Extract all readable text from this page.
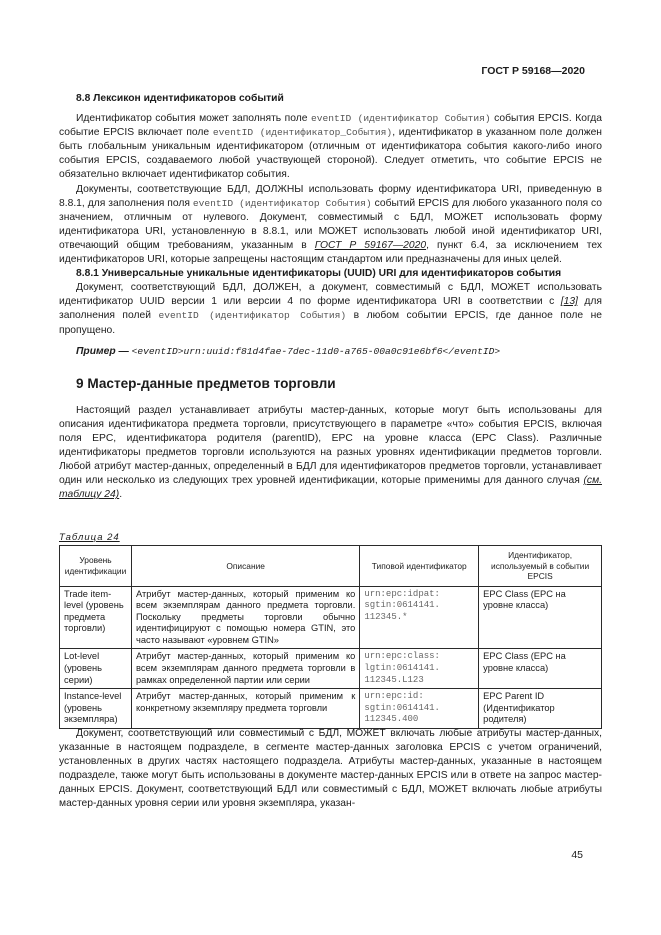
ГОСТ Р 59168—2020

8.8 Лексикон идентификаторов событий

Идентификатор события может заполнять поле eventID (идентификатор События) события EPCIS. Когда событие EPCIS включает поле eventID (идентификатор_События), идентификатор в указанном поле должен быть глобальным уникальным идентификатором (отличным от идентификатора события какого-либо иного события EPCIS, создаваемого любой участвующей стороной). Следует отметить, что событие EPCIS не обязательно включает идентификатор события.

Документы, соответствующие БДЛ, ДОЛЖНЫ использовать форму идентификатора URI, приведенную в 8.8.1, для заполнения поля eventID (идентификатор События) событий EPCIS для любого указанного поля со значением, отличным от нулевого. Документ, совместимый с БДЛ, МОЖЕТ использовать форму идентификатора URI, установленную в 8.8.1, или МОЖЕТ использовать любой иной идентификатор URI, отвечающий общим требованиям, указанным в ГОСТ Р 59167—2020, пункт 6.4, за исключением тех идентификаторов URI, которые запрещены настоящим стандартом или предназначены для иных целей.

8.8.1 Универсальные уникальные идентификаторы (UUID) URI для идентификаторов события

Документ, соответствующий БДЛ, ДОЛЖЕН, а документ, совместимый с БДЛ, МОЖЕТ использовать идентификатор UUID версии 1 или версии 4 по форме идентификатора URI в соответствии с [13] для заполнения полей eventID (идентификатор События) в любом событии EPCIS, где данное поле не пропущено.

Пример — <eventID>urn:uuid:f81d4fae-7dec-11d0-a765-00a0c91e6bf6</eventID>

9 Мастер-данные предметов торговли

Настоящий раздел устанавливает атрибуты мастер-данных, которые могут быть использованы для описания идентификатора предмета торговли, присутствующего в параметре «что» события EPCIS, включая поля EPC, идентификатора родителя (parentID), EPC на уровне класса (EPC Class). Различные идентификаторы предметов торговли используются на разных уровнях идентификации предметов торговли. Любой атрибут мастер-данных, определенный в БДЛ для идентификаторов предметов торговли, устанавливает один или несколько из следующих трех уровней идентификации, которые применимы для данного случая (см. таблицу 24).

Таблица 24
Уровень идентификации	Описание	Типовой идентификатор	Идентификатор, используемый в событии EPCIS
Trade item-level (уровень предмета торговли)	Атрибут мастер-данных, который применим ко всем экземплярам данного предмета торговли. Поскольку предметы торговли обычно идентифицируют с помощью номера GTIN, это часто называют «уровнем GTIN»	urn:epc:idpat: sgtin:0614141. 112345.*	EPC Class (EPC на уровне класса)
Lot-level (уровень серии)	Атрибут мастер-данных, который применим ко всем экземплярам данного предмета торговли в рамках определенной партии или серии	urn:epc:class: lgtin:0614141. 112345.L123	EPC Class (EPC на уровне класса)
Instance-level (уровень экземпляра)	Атрибут мастер-данных, который применим к конкретному экземпляру предмета торговли	urn:epc:id: sgtin:0614141. 112345.400	EPC Parent ID (Идентификатор родителя)

Документ, соответствующий или совместимый с БДЛ, МОЖЕТ включать любые атрибуты мастер-данных, указанные в настоящем подразделе, в сегменте мастер-данных заголовка EPCIS с учетом ограничений, установленных в других частях настоящего подраздела. Атрибуты мастер-данных, указанные в настоящем подразделе, также могут быть использованы в документе мастер-данных EPCIS или в ответе на запрос мастер-данных EPCIS. Документ, соответствующий БДЛ или совместимый с БДЛ, МОЖЕТ включать любые атрибуты мастер-данных уровня серии или уровня экземпляра, указан-

45
